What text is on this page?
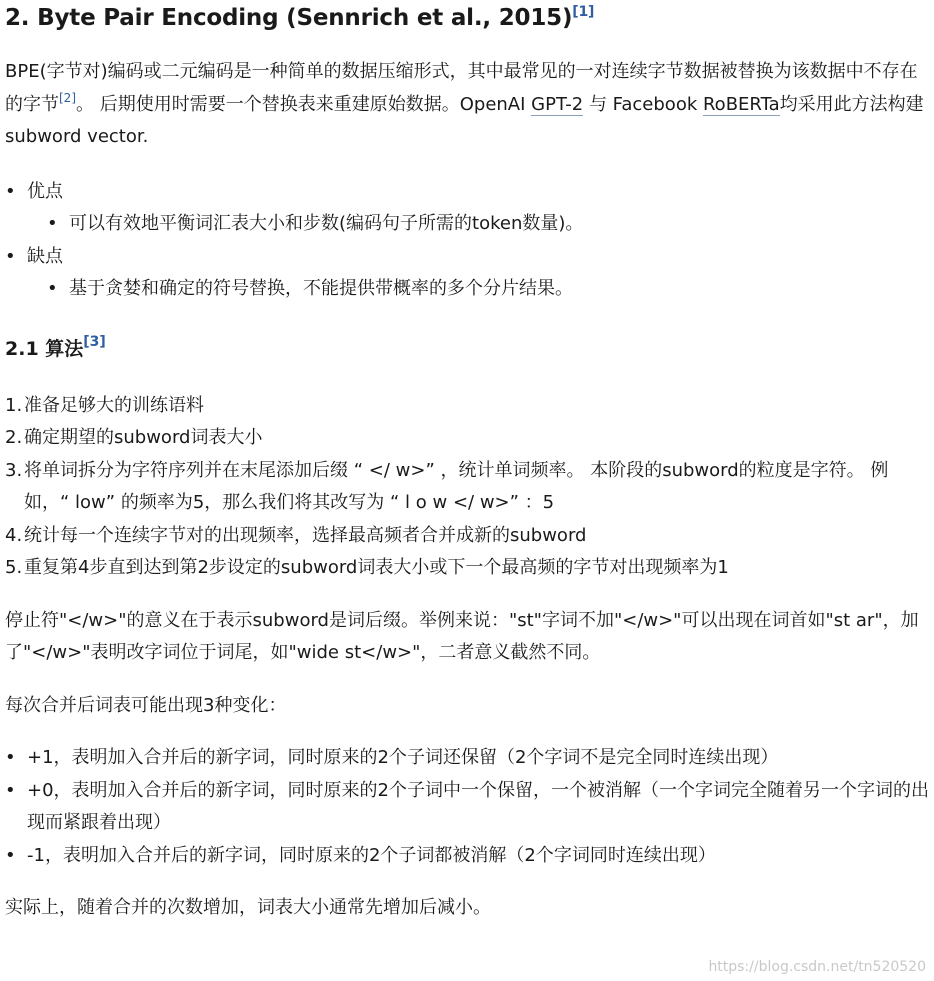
2. Byte Pair Encoding (Sennrich et al., 2015)[1]

BPE(字节对)编码或二元编码是一种简单的数据压缩形式，其中最常见的一对连续字节数据被替换为该数据中不存在的字节[2]。 后期使用时需要一个替换表来重建原始数据。OpenAI GPT-2 与 Facebook RoBERTa均采用此方法构建subword vector.

• 优点
• 可以有效地平衡词汇表大小和步数(编码句子所需的token数量)。
• 缺点
• 基于贪婪和确定的符号替换，不能提供带概率的多个分片结果。
2.1 算法[3]
1. 准备足够大的训练语料
2. 确定期望的subword词表大小
3. 将单词拆分为字符序列并在末尾添加后缀 “ </ w>” ，统计单词频率。 本阶段的subword的粒度是字符。 例如，“ low” 的频率为5，那么我们将其改写为 “ l o w </ w>” ：5
4. 统计每一个连续字节对的出现频率，选择最高频者合并成新的subword
5. 重复第4步直到达到第2步设定的subword词表大小或下一个最高频的字节对出现频率为1

停止符"</w>"的意义在于表示subword是词后缀。举例来说："st"字词不加"</w>"可以出现在词首如"st ar"，加了"</w>"表明改字词位于词尾，如"wide st</w>"，二者意义截然不同。

每次合并后词表可能出现3种变化：

• +1，表明加入合并后的新字词，同时原来的2个子词还保留（2个字词不是完全同时连续出现）
• +0，表明加入合并后的新字词，同时原来的2个子词中一个保留，一个被消解（一个字词完全随着另一个字词的出现而紧跟着出现）
• -1，表明加入合并后的新字词，同时原来的2个子词都被消解（2个字词同时连续出现）

实际上，随着合并的次数增加，词表大小通常先增加后减小。

https://blog.csdn.net/tn520520
